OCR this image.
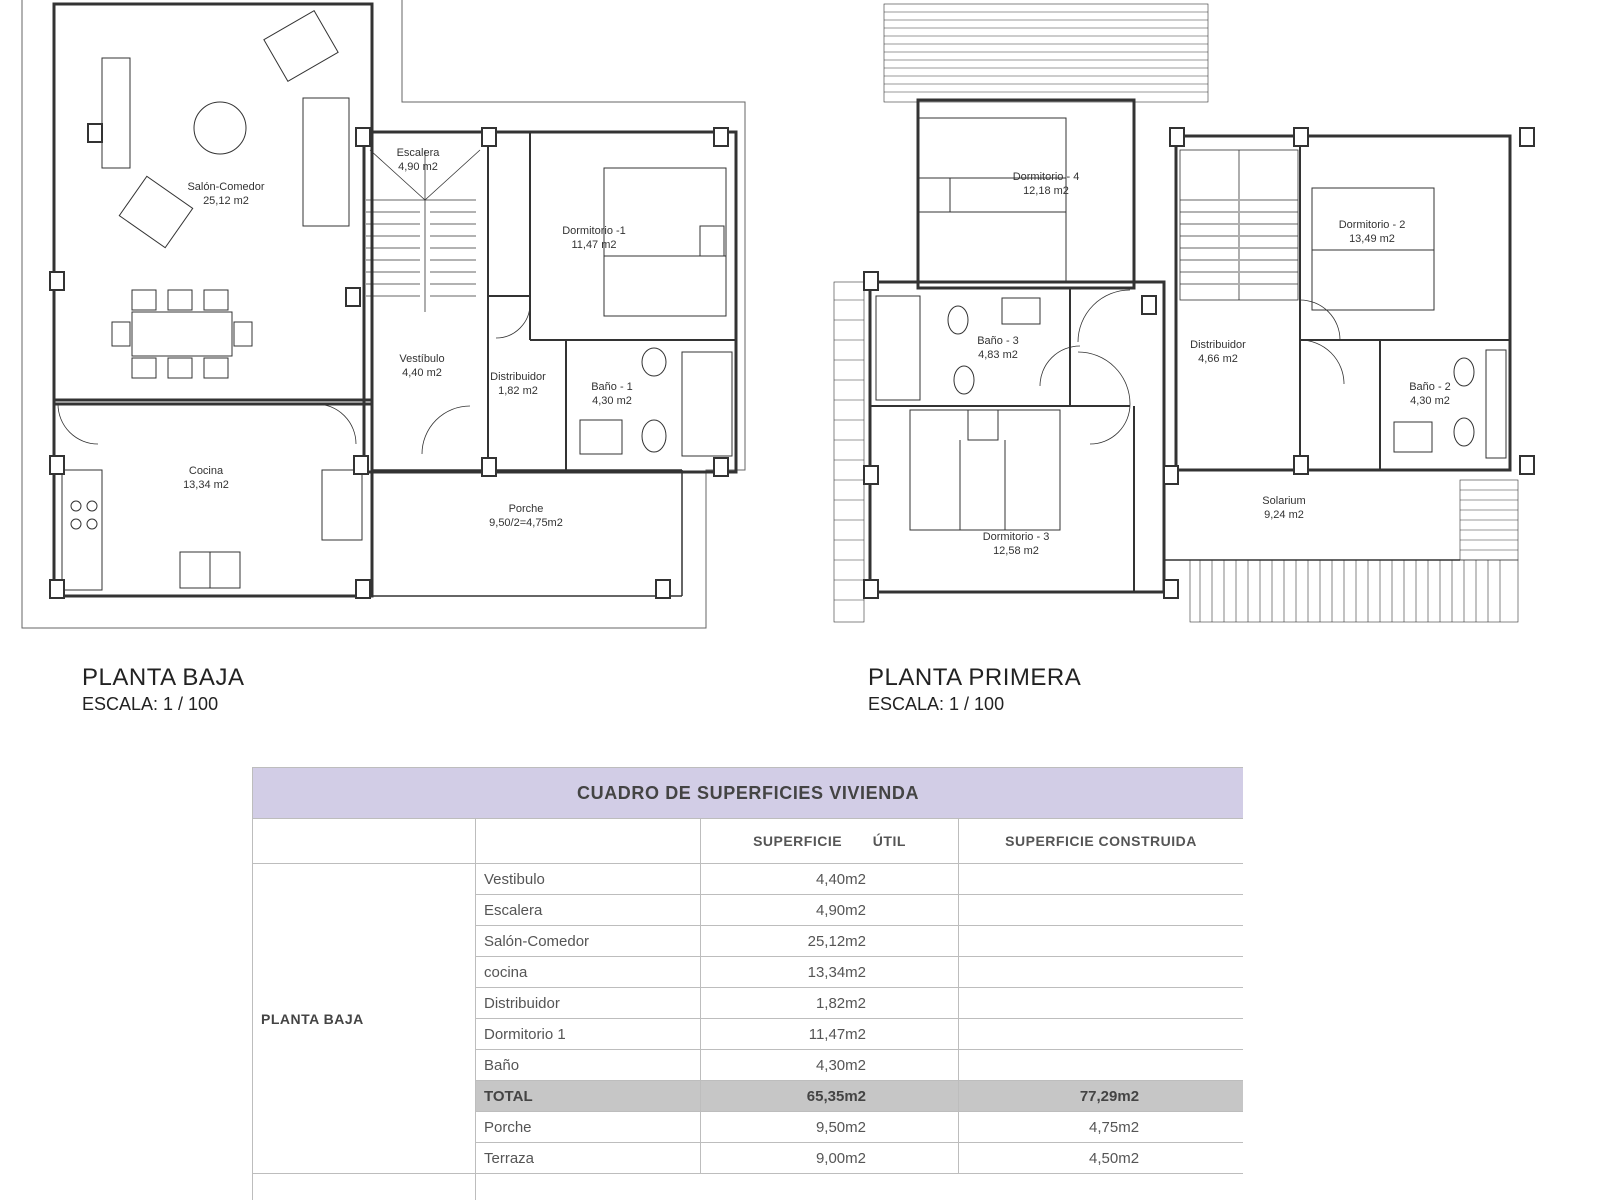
Escalera
4,90 m2
Salón-Comedor
25,12 m2
Dormitorio -1
11,47 m2
Vestíbulo
4,40 m2	Distribuidor
1,82 m2	Baño - 1
4,30 m2
Cocina
13,34 m2
Porche
9,50/2=4,75m2
Dormitorio - 4
12,18 m2
Dormitorio - 2
13,49 m2
Baño - 3
4,83 m2
Distribuidor
4,66 m2
Baño - 2
4,30 m2
Solarium
9,24 m2
Dormitorio - 3
12,58 m2
PLANTA BAJA
ESCALA: 1 / 100
PLANTA PRIMERA
ESCALA: 1 / 100
CUADRO DE SUPERFICIES VIVIENDA			
		SUPERFICIE       ÚTIL	SUPERFICIE CONSTRUIDA
PLANTA BAJA	Vestibulo	4,40m2	
	Escalera	4,90m2	
	Salón-Comedor	25,12m2	
	cocina	13,34m2	
	Distribuidor	1,82m2	
	Dormitorio 1	11,47m2	
	Baño	4,30m2	
	TOTAL	65,35m2	77,29m2
	Porche	9,50m2	4,75m2
	Terraza	9,00m2	4,50m2
